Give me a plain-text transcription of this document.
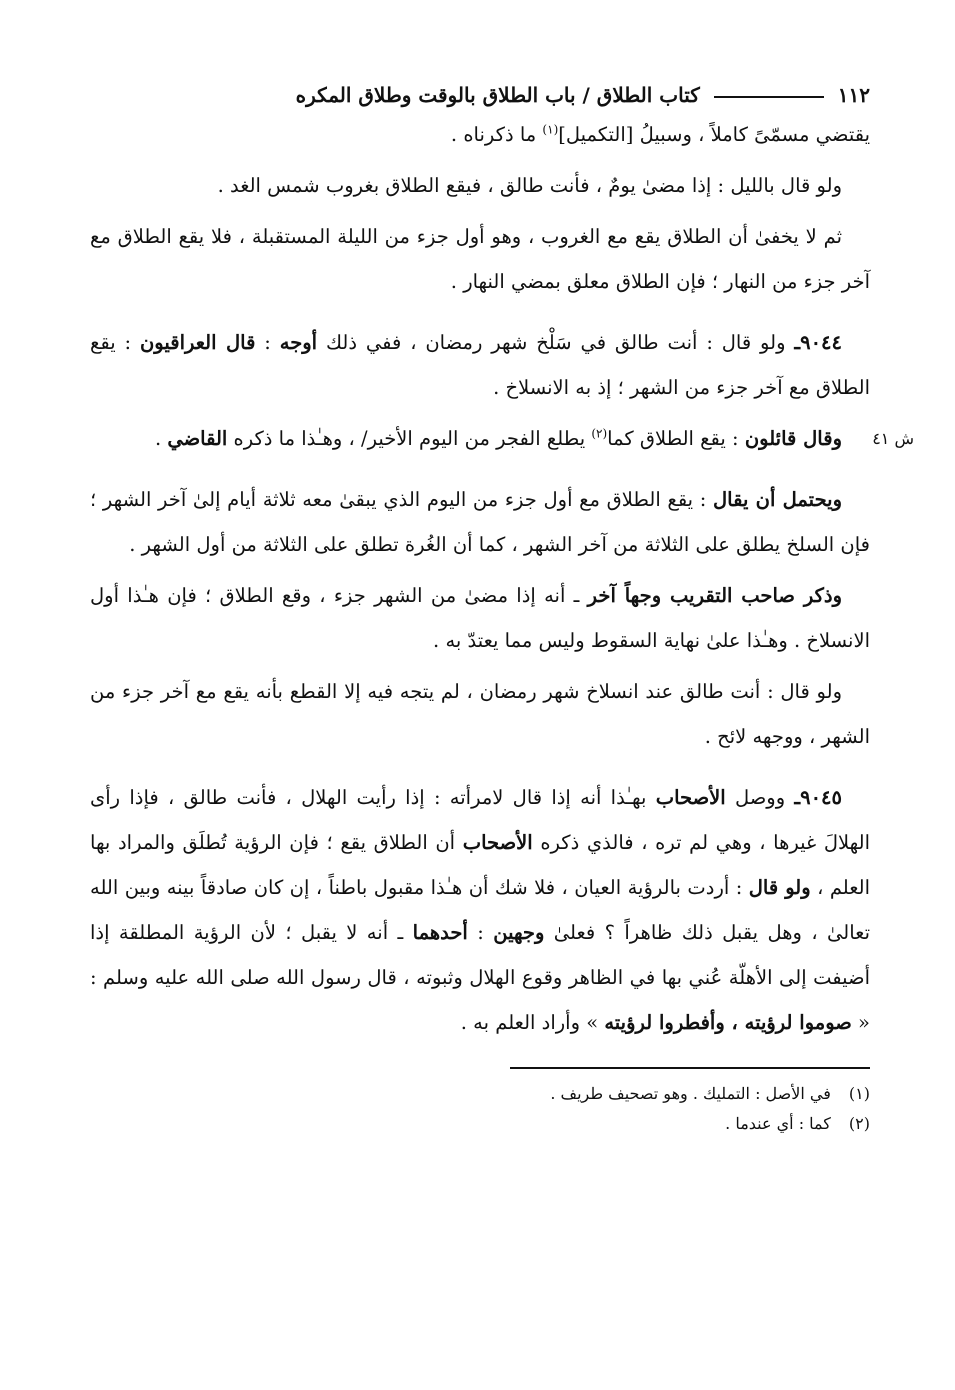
١١٢
كتاب الطلاق / باب الطلاق بالوقت وطلاق المكره

يقتضي مسمّىً كاملاً ، وسبيلُ [التكميل]$^{(١)}$ ما ذكرناه .

ولو قال بالليل : إذا مضىٰ يومٌ ، فأنت طالق ، فيقع الطلاق بغروب شمس الغد .

ثم لا يخفىٰ أن الطلاق يقع مع الغروب ، وهو أول جزء من الليلة المستقبلة ، فلا يقع الطلاق مع آخر جزء من النهار ؛ فإن الطلاق معلق بمضي النهار .

٩٠٤٤ـ ولو قال : أنت طالق في سَلْخ شهر رمضان ، ففي ذلك أوجه : قال العراقيون : يقع الطلاق مع آخر جزء من الشهر ؛ إذ به الانسلاخ .

ش ٤١
وقال قائلون : يقع الطلاق كما$^{(٢)}$ يطلع الفجر من اليوم الأخير/ ، وهـٰذا ما ذكره القاضي .

ويحتمل أن يقال : يقع الطلاق مع أول جزء من اليوم الذي يبقىٰ معه ثلاثة أيام إلىٰ آخر الشهر ؛ فإن السلخ يطلق على الثلاثة من آخر الشهر ، كما أن الغُرة تطلق على الثلاثة من أول الشهر .

وذكر صاحب التقريب وجهاً آخر ـ أنه إذا مضىٰ من الشهر جزء ، وقع الطلاق ؛ فإن هـٰذا أول الانسلاخ . وهـٰذا علىٰ نهاية السقوط وليس مما يعتدّ به .

ولو قال : أنت طالق عند انسلاخ شهر رمضان ، لم يتجه فيه إلا القطع بأنه يقع مع آخر جزء من الشهر ، ووجهه لائح .

٩٠٤٥ـ ووصل الأصحاب بهـٰذا أنه إذا قال لامرأته : إذا رأيت الهلال ، فأنت طالق ، فإذا رأى الهلالَ غيرها ، وهي لم تره ، فالذي ذكره الأصحاب أن الطلاق يقع ؛ فإن الرؤية تُطلَق والمراد بها العلم ، ولو قال : أردت بالرؤية العيان ، فلا شك أن هـٰذا مقبول باطناً ، إن كان صادقاً بينه وبين الله تعالىٰ ، وهل يقبل ذلك ظاهراً ؟ فعلىٰ وجهين : أحدهما ـ أنه لا يقبل ؛ لأن الرؤية المطلقة إذا أضيفت إلى الأهلّة عُني بها في الظاهر وقوع الهلال وثبوته ، قال رسول الله صلى الله عليه وسلم : « صوموا لرؤيته ، وأفطروا لرؤيته » وأراد العلم به .

(١) في الأصل : التمليك . وهو تصحيف طريف .
(٢) كما : أي عندما .
